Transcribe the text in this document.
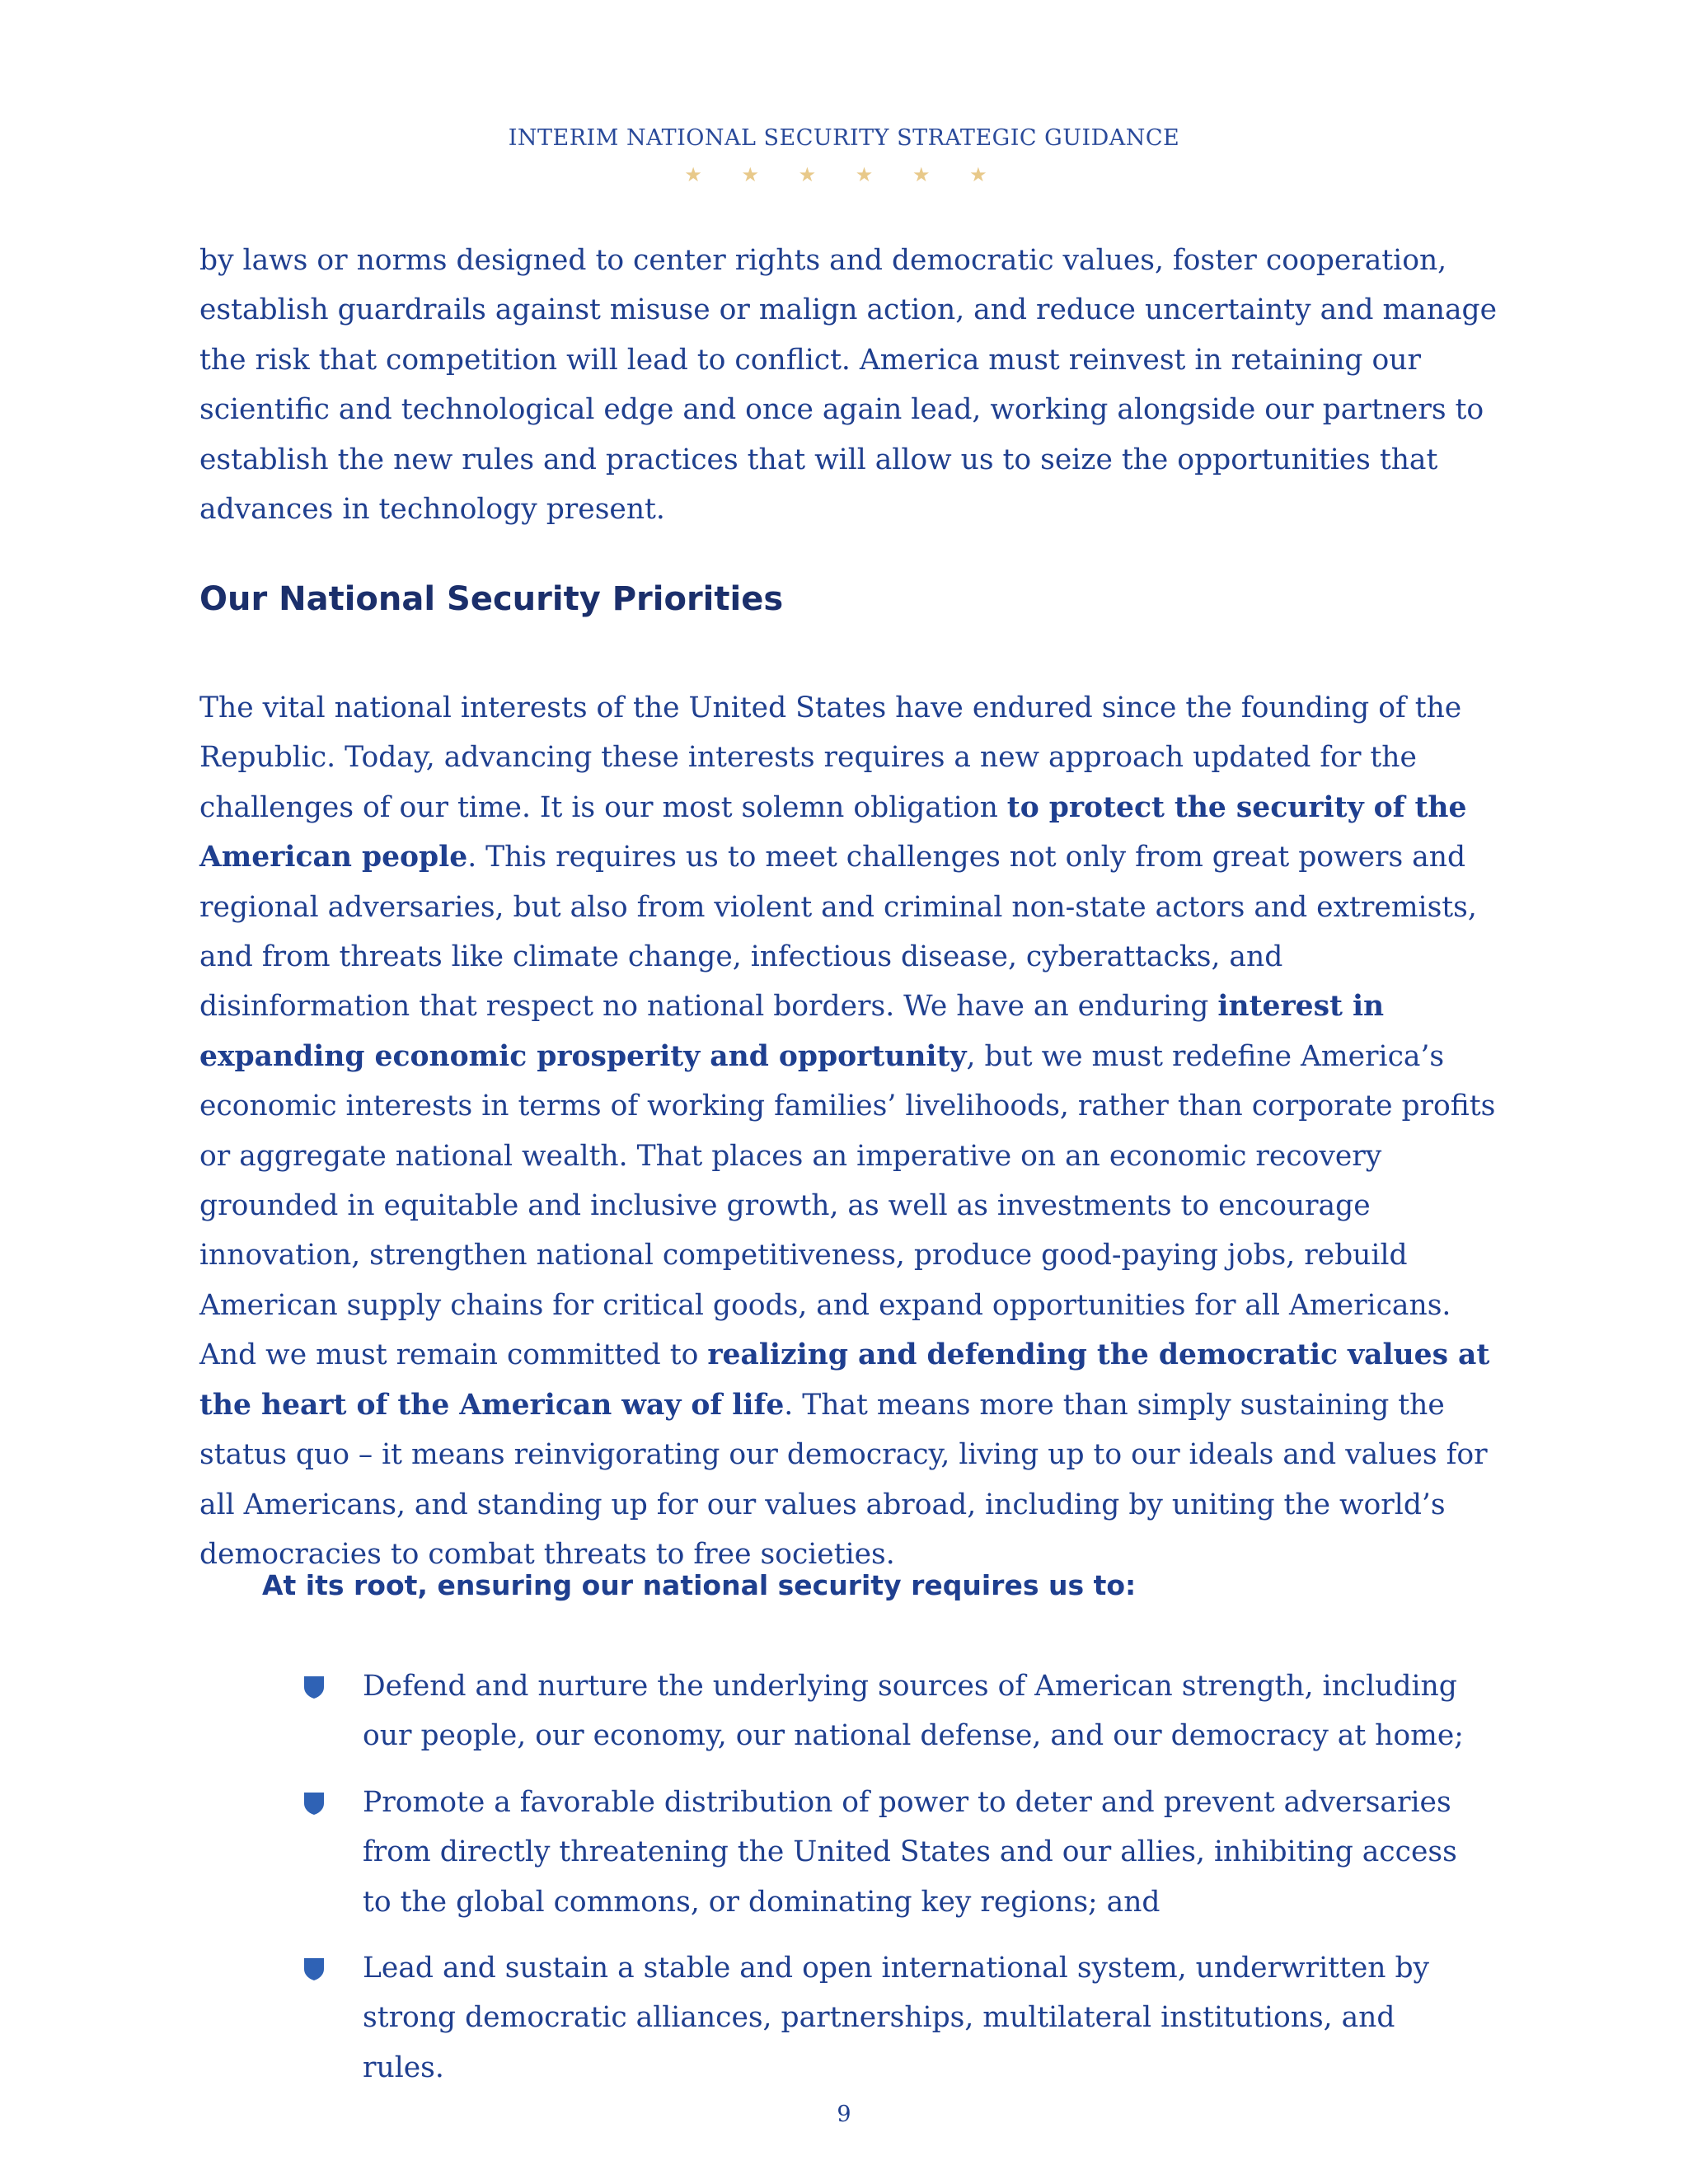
INTERIM NATIONAL SECURITY STRATEGIC GUIDANCE
★ ★ ★ ★ ★ ★

by laws or norms designed to center rights and democratic values, foster cooperation, establish guardrails against misuse or malign action, and reduce uncertainty and manage the risk that competition will lead to conflict. America must reinvest in retaining our scientific and technological edge and once again lead, working alongside our partners to establish the new rules and practices that will allow us to seize the opportunities that advances in technology present.

Our National Security Priorities

The vital national interests of the United States have endured since the founding of the Republic. Today, advancing these interests requires a new approach updated for the challenges of our time. It is our most solemn obligation to protect the security of the American people. This requires us to meet challenges not only from great powers and regional adversaries, but also from violent and criminal non-state actors and extremists, and from threats like climate change, infectious disease, cyberattacks, and disinformation that respect no national borders. We have an enduring interest in expanding economic prosperity and opportunity, but we must redefine America’s economic interests in terms of working families’ livelihoods, rather than corporate profits or aggregate national wealth. That places an imperative on an economic recovery grounded in equitable and inclusive growth, as well as investments to encourage innovation, strengthen national competitiveness, produce good-paying jobs, rebuild American supply chains for critical goods, and expand opportunities for all Americans. And we must remain committed to realizing and defending the democratic values at the heart of the American way of life. That means more than simply sustaining the status quo – it means reinvigorating our democracy, living up to our ideals and values for all Americans, and standing up for our values abroad, including by uniting the world’s democracies to combat threats to free societies.

At its root, ensuring our national security requires us to:

Defend and nurture the underlying sources of American strength, including our people, our economy, our national defense, and our democracy at home;
Promote a favorable distribution of power to deter and prevent adversaries from directly threatening the United States and our allies, inhibiting access to the global commons, or dominating key regions; and
Lead and sustain a stable and open international system, underwritten by strong democratic alliances, partnerships, multilateral institutions, and rules.
9
